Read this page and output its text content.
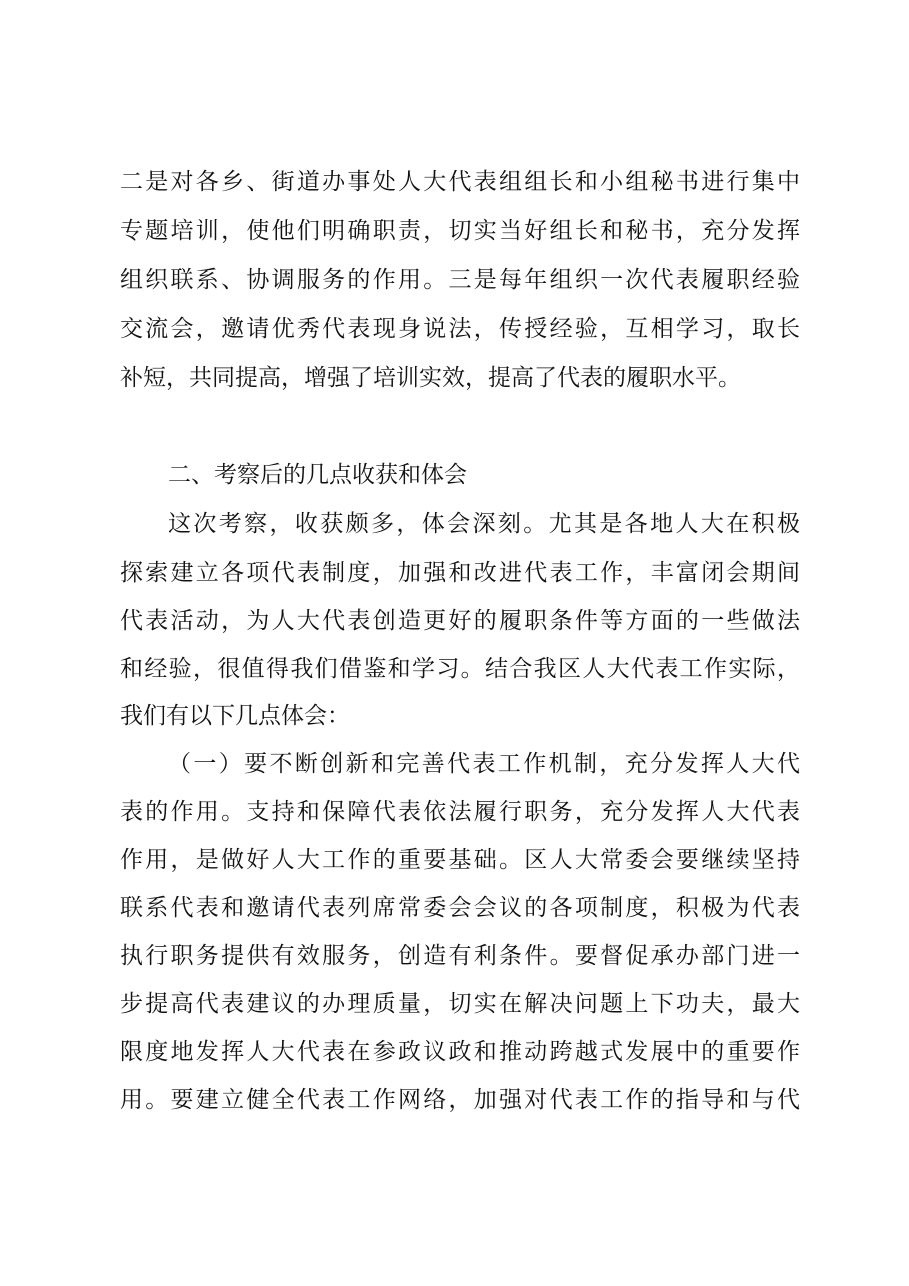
二是对各乡、街道办事处人大代表组组长和小组秘书进行集中
专题培训，使他们明确职责，切实当好组长和秘书，充分发挥
组织联系、协调服务的作用。三是每年组织一次代表履职经验
交流会，邀请优秀代表现身说法，传授经验，互相学习，取长
补短，共同提高，增强了培训实效，提高了代表的履职水平。
二、考察后的几点收获和体会
这次考察，收获颇多，体会深刻。尤其是各地人大在积极
探索建立各项代表制度，加强和改进代表工作，丰富闭会期间
代表活动，为人大代表创造更好的履职条件等方面的一些做法
和经验，很值得我们借鉴和学习。结合我区人大代表工作实际，
我们有以下几点体会：
（一）要不断创新和完善代表工作机制，充分发挥人大代
表的作用。支持和保障代表依法履行职务，充分发挥人大代表
作用，是做好人大工作的重要基础。区人大常委会要继续坚持
联系代表和邀请代表列席常委会会议的各项制度，积极为代表
执行职务提供有效服务，创造有利条件。要督促承办部门进一
步提高代表建议的办理质量，切实在解决问题上下功夫，最大
限度地发挥人大代表在参政议政和推动跨越式发展中的重要作
用。要建立健全代表工作网络，加强对代表工作的指导和与代
